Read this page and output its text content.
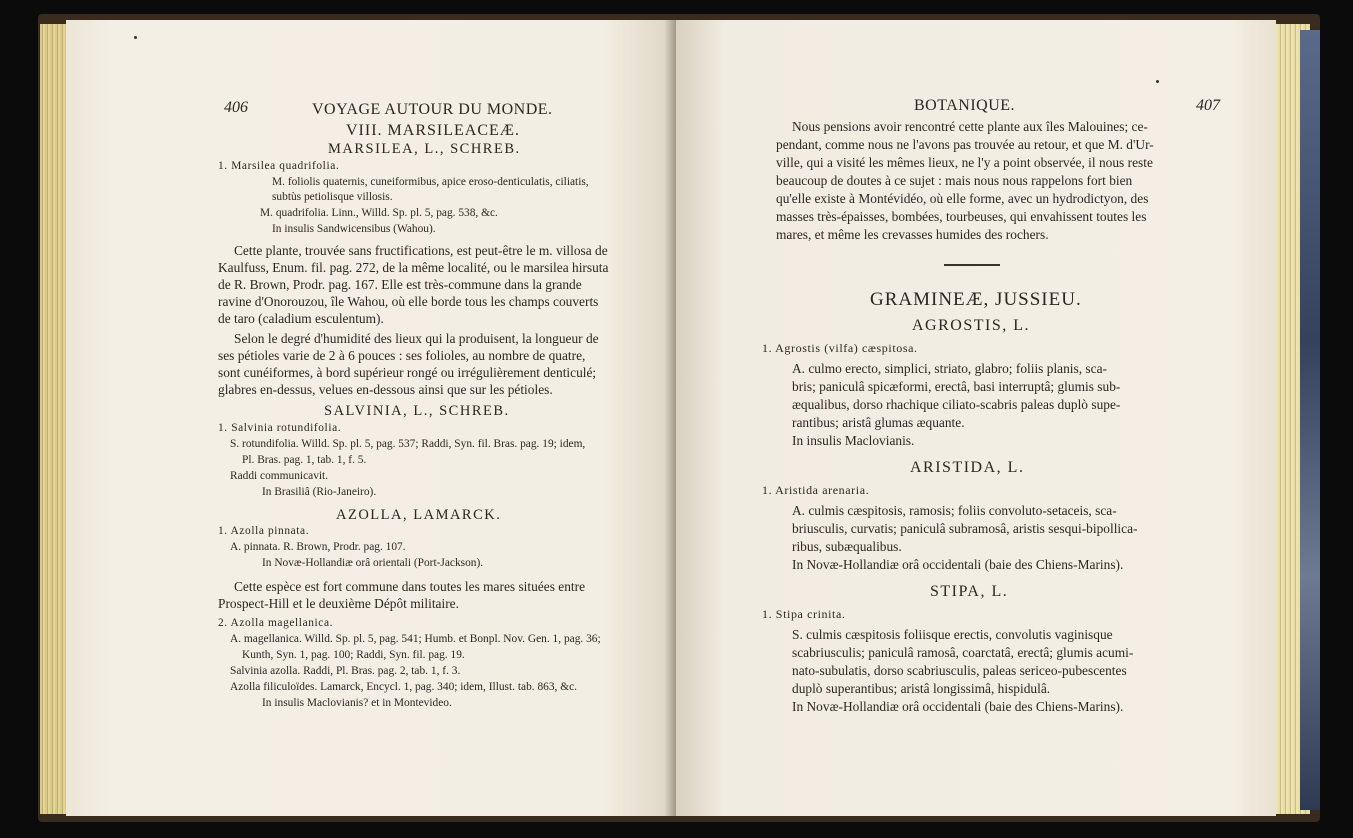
406	VOYAGE AUTOUR DU MONDE.
VIII. MARSILEACEÆ.
MARSILEA, L., SCHREB.
1. Marsilea quadrifolia.
M. foliolis quaternis, cuneiformibus, apice eroso-denticulatis, ciliatis,
subtùs petiolisque villosis.
M. quadrifolia. Linn., Willd. Sp. pl. 5, pag. 538, &c.
In insulis Sandwicensibus (Wahou).
Cette plante, trouvée sans fructifications, est peut-être le m. villosa de
Kaulfuss, Enum. fil. pag. 272, de la même localité, ou le marsilea hirsuta
de R. Brown, Prodr. pag. 167. Elle est très-commune dans la grande
ravine d'Onorouzou, île Wahou, où elle borde tous les champs couverts
de taro (caladium esculentum).
Selon le degré d'humidité des lieux qui la produisent, la longueur de
ses pétioles varie de 2 à 6 pouces : ses folioles, au nombre de quatre,
sont cunéiformes, à bord supérieur rongé ou irrégulièrement denticulé;
glabres en-dessus, velues en-dessous ainsi que sur les pétioles.
SALVINIA, L., SCHREB.
1. Salvinia rotundifolia.
S. rotundifolia. Willd. Sp. pl. 5, pag. 537; Raddi, Syn. fil. Bras. pag. 19; idem,
Pl. Bras. pag. 1, tab. 1, f. 5.
Raddi communicavit.
In Brasiliâ (Rio-Janeiro).
AZOLLA, LAMARCK.
1. Azolla pinnata.
A. pinnata. R. Brown, Prodr. pag. 107.
In Novæ-Hollandiæ orâ orientali (Port-Jackson).
Cette espèce est fort commune dans toutes les mares situées entre
Prospect-Hill et le deuxième Dépôt militaire.
2. Azolla magellanica.
A. magellanica. Willd. Sp. pl. 5, pag. 541; Humb. et Bonpl. Nov. Gen. 1, pag. 36;
Kunth, Syn. 1, pag. 100; Raddi, Syn. fil. pag. 19.
Salvinia azolla. Raddi, Pl. Bras. pag. 2, tab. 1, f. 3.
Azolla filiculoïdes. Lamarck, Encycl. 1, pag. 340; idem, Illust. tab. 863, &c.
In insulis Maclovianis? et in Montevideo.
BOTANIQUE.	407
Nous pensions avoir rencontré cette plante aux îles Malouines; ce-
pendant, comme nous ne l'avons pas trouvée au retour, et que M. d'Ur-
ville, qui a visité les mêmes lieux, ne l'y a point observée, il nous reste
beaucoup de doutes à ce sujet : mais nous nous rappelons fort bien
qu'elle existe à Montévidéo, où elle forme, avec un hydrodictyon, des
masses très-épaisses, bombées, tourbeuses, qui envahissent toutes les
mares, et même les crevasses humides des rochers.
GRAMINEÆ, JUSSIEU.
AGROSTIS, L.
1. Agrostis (vilfa) cæspitosa.
A. culmo erecto, simplici, striato, glabro; foliis planis, sca-
bris; paniculâ spicæformi, erectâ, basi interruptâ; glumis sub-
æqualibus, dorso rhachique ciliato-scabris paleas duplò supe-
rantibus; aristâ glumas æquante.
In insulis Maclovianis.
ARISTIDA, L.
1. Aristida arenaria.
A. culmis cæspitosis, ramosis; foliis convoluto-setaceis, sca-
briusculis, curvatis; paniculâ subramosâ, aristis sesqui-bipollica-
ribus, subæqualibus.
In Novæ-Hollandiæ orâ occidentali (baie des Chiens-Marins).
STIPA, L.
1. Stipa crinita.
S. culmis cæspitosis foliisque erectis, convolutis vaginisque
scabriusculis; paniculâ ramosâ, coarctatâ, erectâ; glumis acumi-
nato-subulatis, dorso scabriusculis, paleas sericeo-pubescentes
duplò superantibus; aristâ longissimâ, hispidulâ.
In Novæ-Hollandiæ orâ occidentali (baie des Chiens-Marins).
